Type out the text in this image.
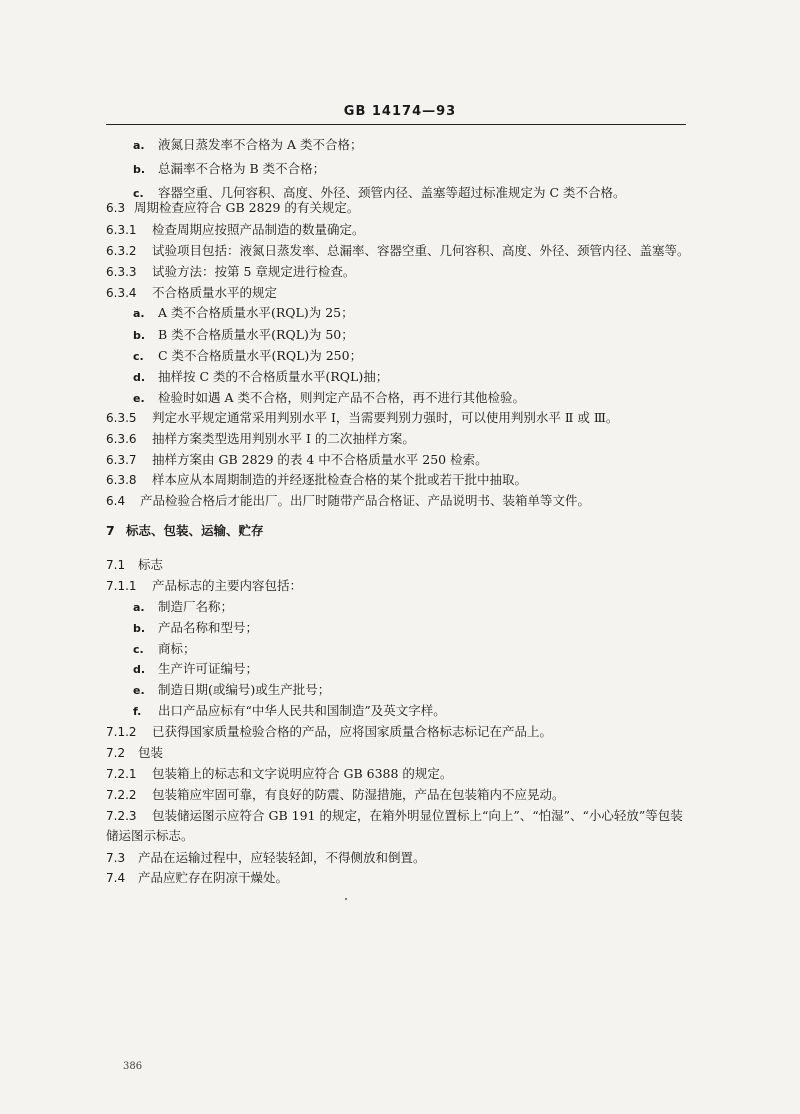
GB 14174—93
a. 液氮日蒸发率不合格为 A 类不合格；
b. 总漏率不合格为 B 类不合格；
c. 容器空重、几何容积、高度、外径、颈管内径、盖塞等超过标准规定为 C 类不合格。
6.3 周期检查应符合 GB 2829 的有关规定。
6.3.1 检查周期应按照产品制造的数量确定。
6.3.2 试验项目包括：液氮日蒸发率、总漏率、容器空重、几何容积、高度、外径、颈管内径、盖塞等。
6.3.3 试验方法：按第 5 章规定进行检查。
6.3.4 不合格质量水平的规定
a. A 类不合格质量水平(RQL)为 25；
b. B 类不合格质量水平(RQL)为 50；
c. C 类不合格质量水平(RQL)为 250；
d. 抽样按 C 类的不合格质量水平(RQL)抽；
e. 检验时如遇 A 类不合格，则判定产品不合格，再不进行其他检验。
6.3.5 判定水平规定通常采用判别水平 I，当需要判别力强时，可以使用判别水平 Ⅱ 或 Ⅲ。
6.3.6 抽样方案类型选用判别水平 I 的二次抽样方案。
6.3.7 抽样方案由 GB 2829 的表 4 中不合格质量水平 250 检索。
6.3.8 样本应从本周期制造的并经逐批检查合格的某个批或若干批中抽取。
6.4 产品检验合格后才能出厂。出厂时随带产品合格证、产品说明书、装箱单等文件。
7 标志、包装、运输、贮存
7.1 标志
7.1.1 产品标志的主要内容包括：
a. 制造厂名称；
b. 产品名称和型号；
c. 商标；
d. 生产许可证编号；
e. 制造日期(或编号)或生产批号；
f. 出口产品应标有“中华人民共和国制造”及英文字样。
7.1.2 已获得国家质量检验合格的产品，应将国家质量合格标志标记在产品上。
7.2 包装
7.2.1 包装箱上的标志和文字说明应符合 GB 6388 的规定。
7.2.2 包装箱应牢固可靠，有良好的防震、防湿措施，产品在包装箱内不应晃动。
7.2.3 包装储运图示应符合 GB 191 的规定，在箱外明显位置标上“向上”、“怕湿”、“小心轻放”等包装
储运图示标志。
7.3 产品在运输过程中，应轻装轻卸，不得侧放和倒置。
7.4 产品应贮存在阴凉干燥处。
386
